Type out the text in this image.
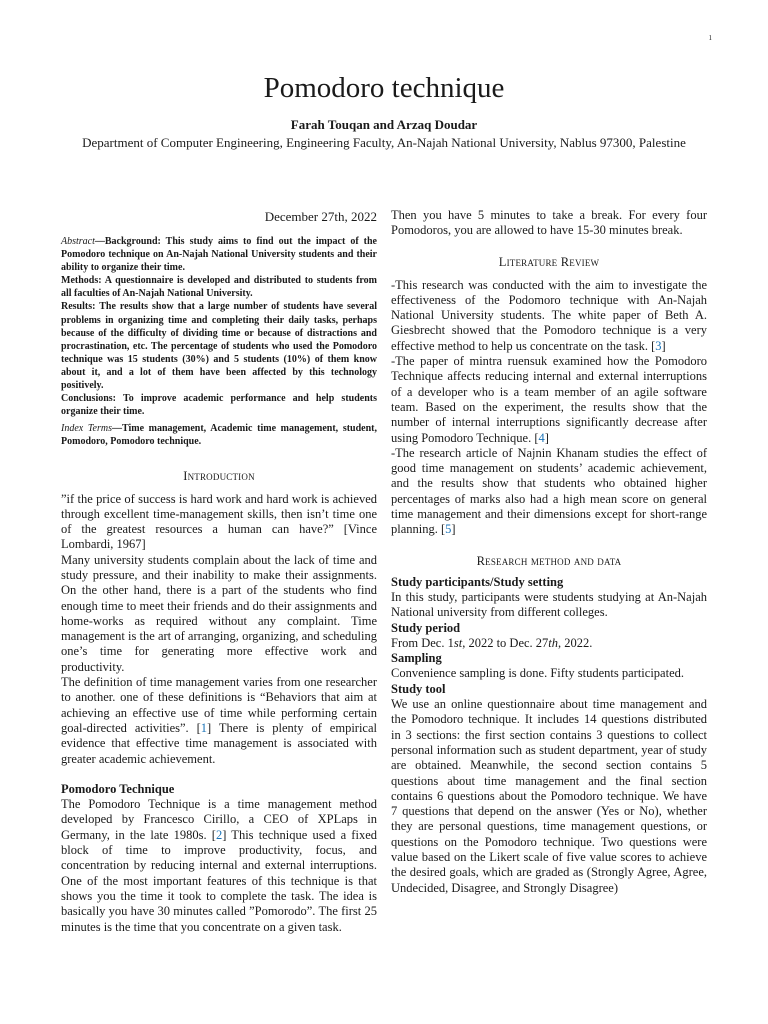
1
Pomodoro technique
Farah Touqan and Arzaq Doudar
Department of Computer Engineering, Engineering Faculty, An-Najah National University, Nablus 97300, Palestine
December 27th, 2022

Abstract—Background: This study aims to find out the impact of the Pomodoro technique on An-Najah National University students and their ability to organize their time.

Methods: A questionnaire is developed and distributed to students from all faculties of An-Najah National University.

Results: The results show that a large number of students have several problems in organizing time and completing their daily tasks, perhaps because of the difficulty of dividing time or because of distractions and procrastination, etc. The percentage of students who used the Pomodoro technique was 15 students (30%) and 5 students (10%) of them know about it, and a lot of them have been affected by this technology positively.

Conclusions: To improve academic performance and help students organize their time.

Index Terms—Time management, Academic time management, student, Pomodoro, Pomodoro technique.

Introduction

”if the price of success is hard work and hard work is achieved through excellent time-management skills, then isn’t time one of the greatest resources a human can have?” [Vince Lombardi, 1967]

Many university students complain about the lack of time and study pressure, and their inability to make their assignments. On the other hand, there is a part of the students who find enough time to meet their friends and do their assignments and home-works as required without any complaint. Time management is the art of arranging, organizing, and scheduling one’s time for generating more effective work and productivity.

The definition of time management varies from one researcher to another. one of these definitions is “Behaviors that aim at achieving an effective use of time while performing certain goal-directed activities”. [1] There is plenty of empirical evidence that effective time management is associated with greater academic achievement.

Pomodoro Technique

The Pomodoro Technique is a time management method developed by Francesco Cirillo, a CEO of XPLaps in Germany, in the late 1980s. [2] This technique used a fixed block of time to improve productivity, focus, and concentration by reducing internal and external interruptions. One of the most important features of this technique is that shows you the time it took to complete the task. The idea is basically you have 30 minutes called ”Pomorodo”. The first 25 minutes is the time that you concentrate on a given task.

Then you have 5 minutes to take a break. For every four Pomodoros, you are allowed to have 15-30 minutes break.

Literature Review

-This research was conducted with the aim to investigate the effectiveness of the Podomoro technique with An-Najah National University students. The white paper of Beth A. Giesbrecht showed that the Pomodoro technique is a very effective method to help us concentrate on the task. [3]

-The paper of mintra ruensuk examined how the Pomodoro Technique affects reducing internal and external interruptions of a developer who is a team member of an agile software team. Based on the experiment, the results show that the number of internal interruptions significantly decrease after using Pomodoro Technique. [4]

-The research article of Najnin Khanam studies the effect of good time management on students’ academic achievement, and the results show that students who obtained higher percentages of marks also had a high mean score on general time management and their dimensions except for short-range planning. [5]

Research method and data
Study participants/Study setting
In this study, participants were students studying at An-Najah National university from different colleges.
Study period
From Dec. 1st, 2022 to Dec. 27th, 2022.
Sampling
Convenience sampling is done. Fifty students participated.
Study tool
We use an online questionnaire about time management and the Pomodoro technique. It includes 14 questions distributed in 3 sections: the first section contains 3 questions to collect personal information such as student department, year of study are obtained. Meanwhile, the second section contains 5 questions about time management and the final section contains 6 questions about the Pomodoro technique. We have 7 questions that depend on the answer (Yes or No), whether they are personal questions, time management questions, or questions on the Pomodoro technique. Two questions were value based on the Likert scale of five value scores to achieve the desired goals, which are graded as (Strongly Agree, Agree, Undecided, Disagree, and Strongly Disagree)
